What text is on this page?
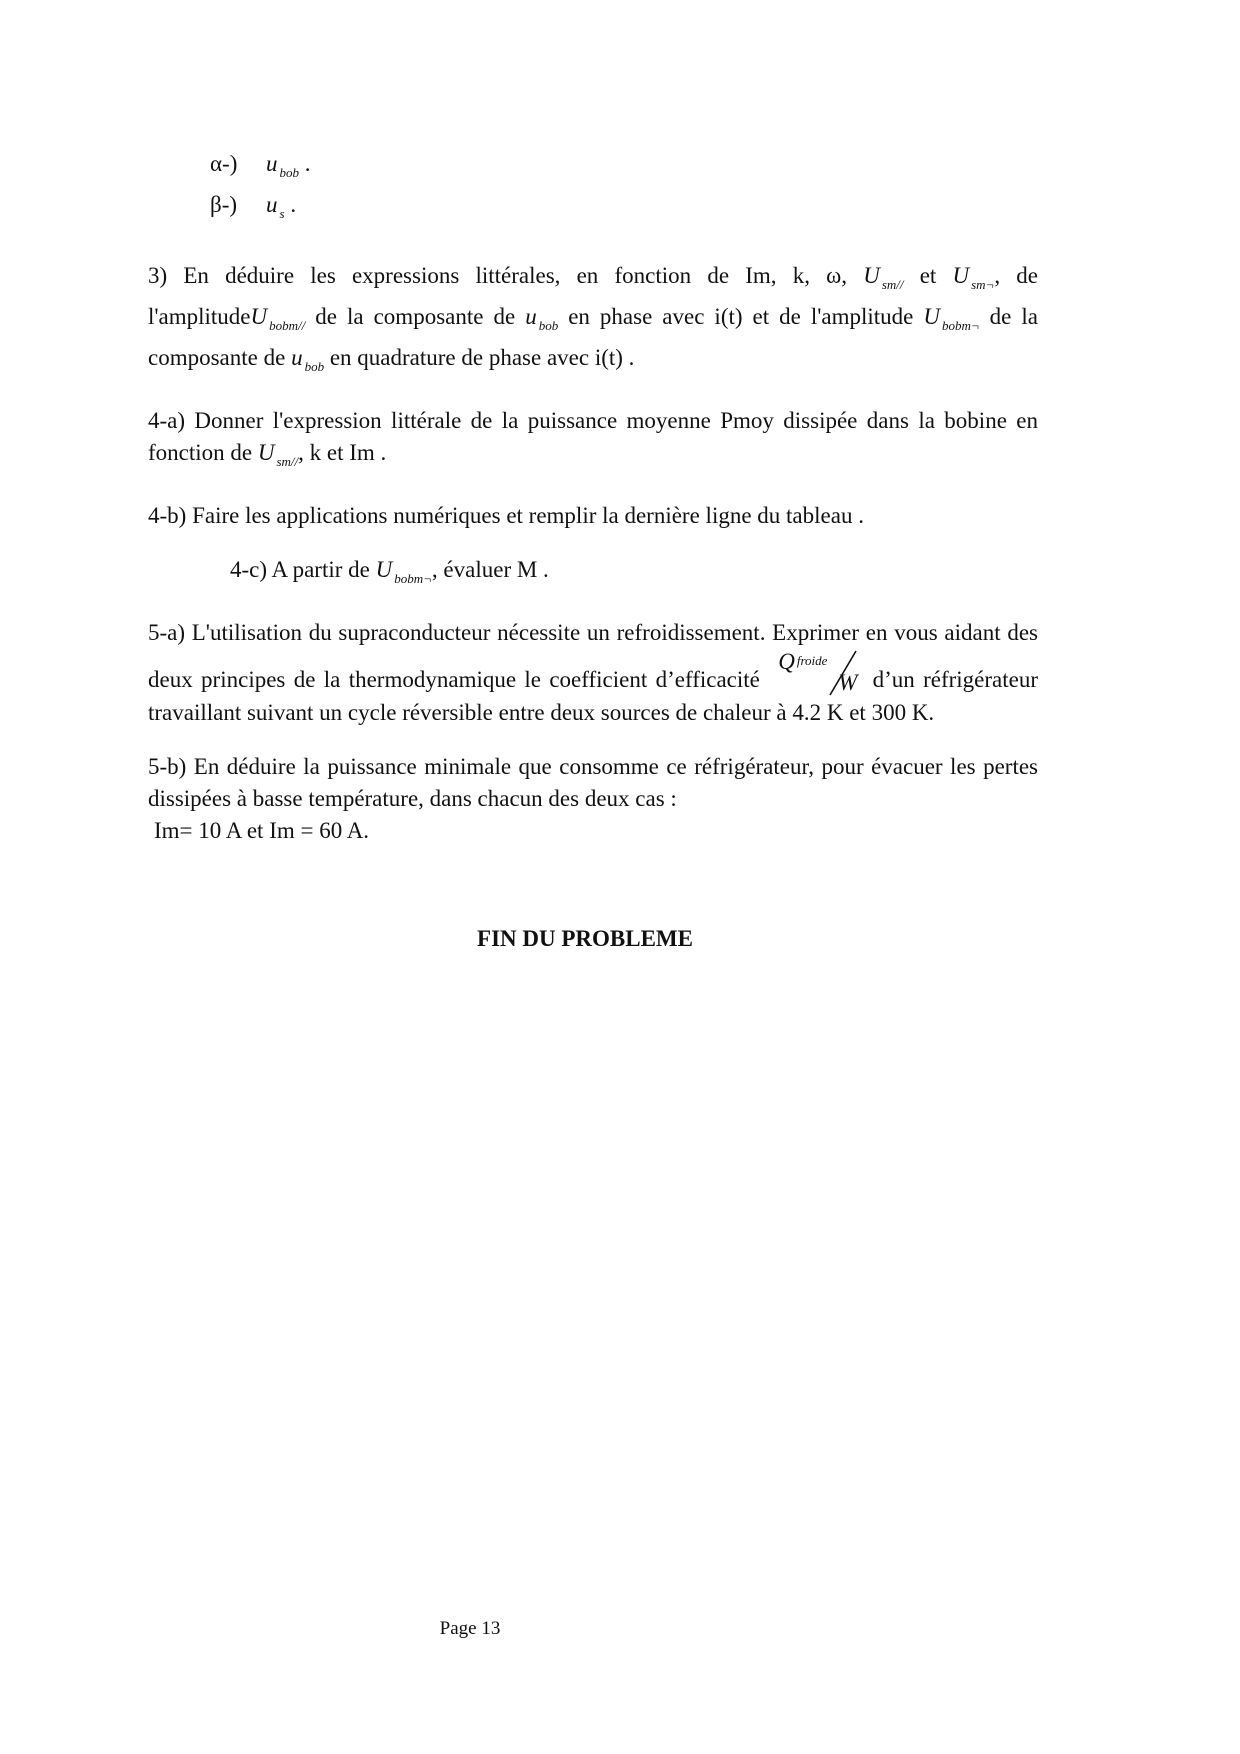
α-) u $_{bob}$ .

β-) u $_s$ .

3) En déduire les expressions littérales, en fonction de Im, k, ω, U $_{sm//}$ et U $_{sm\neg}$, de l'amplitudeU $_{bobm//}$ de la composante de u $_{bob}$ en phase avec i(t) et de l'amplitude U $_{bobm\neg}$ de la composante de u $_{bob}$ en quadrature de phase avec i(t) .

4-a) Donner l'expression littérale de la puissance moyenne Pmoy dissipée dans la bobine en fonction de U $_{sm//}$, k et Im .

4-b) Faire les applications numériques et remplir la dernière ligne du tableau .

4-c) A partir de U $_{bobm\neg}$, évaluer M .

5-a) L'utilisation du supraconducteur nécessite un refroidissement. Exprimer en vous aidant des deux principes de la thermodynamique le coefficient d’efficacité
Q $^{froide}$
W d’un réfrigérateur travaillant suivant un cycle réversible entre deux sources de chaleur à 4.2 K et 300 K.

5-b) En déduire la puissance minimale que consomme ce réfrigérateur, pour évacuer les pertes dissipées à basse température, dans chacun des deux cas :

Im= 10 A et Im = 60 A.

FIN DU PROBLEME
Page 13
